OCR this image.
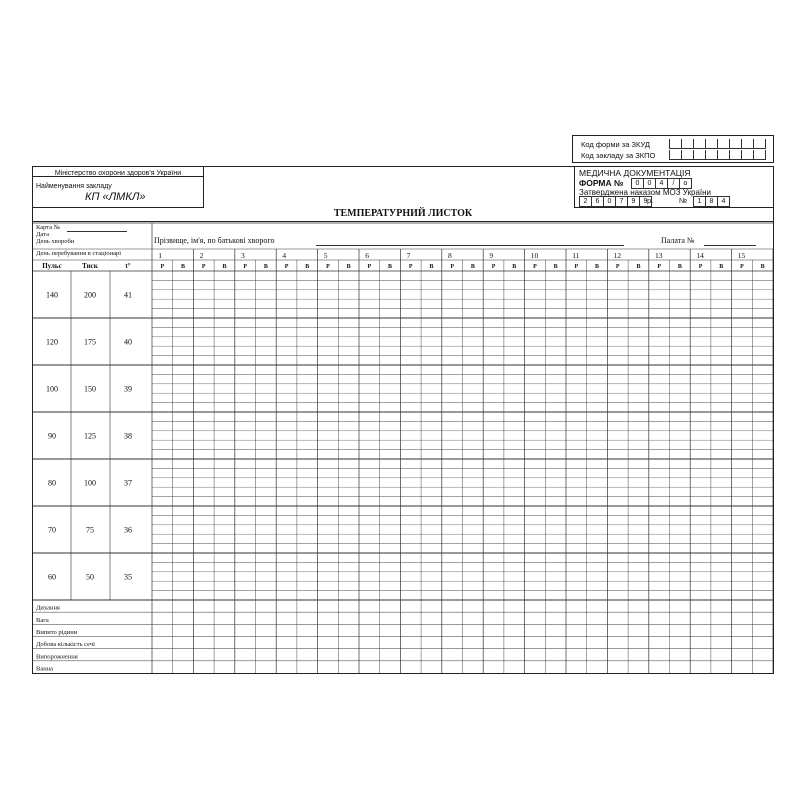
Код форми за ЗКУД
Код закладу за ЗКПО
Міністерство охорони здоров'я України
Найменування закладу
КП «ЛМКЛ»
МЕДИЧНА ДОКУМЕНТАЦІЯ
ФОРМА №	0	0	4	/	о
Затверджена наказом МОЗ України
2	6	0	7	9	9 р.	№	1	8	4
ТЕМПЕРАТУРНИЙ ЛИСТОК
Карта №
Дата
День хвороби
День перебування в стаціонарі
Прізвище, ім'я, по батькові хворого	Палата №
1	2	3	4	5	6	7	8	9	10	11	12	13	14	15
Р	В	Р	В	Р	В	Р	В	Р	В	Р	В	Р	В	Р	В	Р	В	Р	В	Р	В	Р	В	Р	В	Р	В	Р	В
Пульс	Тиск	t°
140	200	41
120	175	40
100	150	39
90	125	38
80	100	37
70	75	36
60	50	35
Дихання
Вага
Випито рідини
Добова кількість сечі
Випорожнення
Ванна
